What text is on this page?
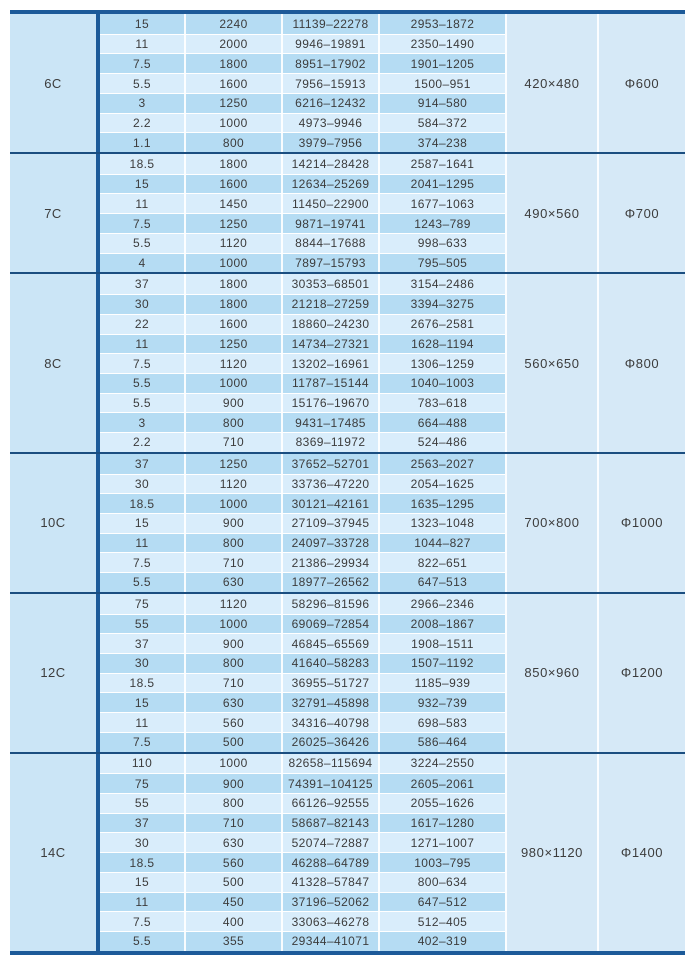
6C
15	2240	11139–22278	2953–1872
11	2000	9946–19891	2350–1490
7.5	1800	8951–17902	1901–1205
5.5	1600	7956–15913	1500–951
3	1250	6216–12432	914–580
2.2	1000	4973–9946	584–372
1.1	800	3979–7956	374–238
420×480	Φ600
7C
18.5	1800	14214–28428	2587–1641
15	1600	12634–25269	2041–1295
11	1450	11450–22900	1677–1063
7.5	1250	9871–19741	1243–789
5.5	1120	8844–17688	998–633
4	1000	7897–15793	795–505
490×560	Φ700
8C
37	1800	30353–68501	3154–2486
30	1800	21218–27259	3394–3275
22	1600	18860–24230	2676–2581
11	1250	14734–27321	1628–1194
7.5	1120	13202–16961	1306–1259
5.5	1000	11787–15144	1040–1003
5.5	900	15176–19670	783–618
3	800	9431–17485	664–488
2.2	710	8369–11972	524–486
560×650	Φ800
10C
37	1250	37652–52701	2563–2027
30	1120	33736–47220	2054–1625
18.5	1000	30121–42161	1635–1295
15	900	27109–37945	1323–1048
11	800	24097–33728	1044–827
7.5	710	21386–29934	822–651
5.5	630	18977–26562	647–513
700×800	Φ1000
12C
75	1120	58296–81596	2966–2346
55	1000	69069–72854	2008–1867
37	900	46845–65569	1908–1511
30	800	41640–58283	1507–1192
18.5	710	36955–51727	1185–939
15	630	32791–45898	932–739
11	560	34316–40798	698–583
7.5	500	26025–36426	586–464
850×960	Φ1200
14C
110	1000	82658–115694	3224–2550
75	900	74391–104125	2605–2061
55	800	66126–92555	2055–1626
37	710	58687–82143	1617–1280
30	630	52074–72887	1271–1007
18.5	560	46288–64789	1003–795
15	500	41328–57847	800–634
11	450	37196–52062	647–512
7.5	400	33063–46278	512–405
5.5	355	29344–41071	402–319
980×1120	Φ1400
